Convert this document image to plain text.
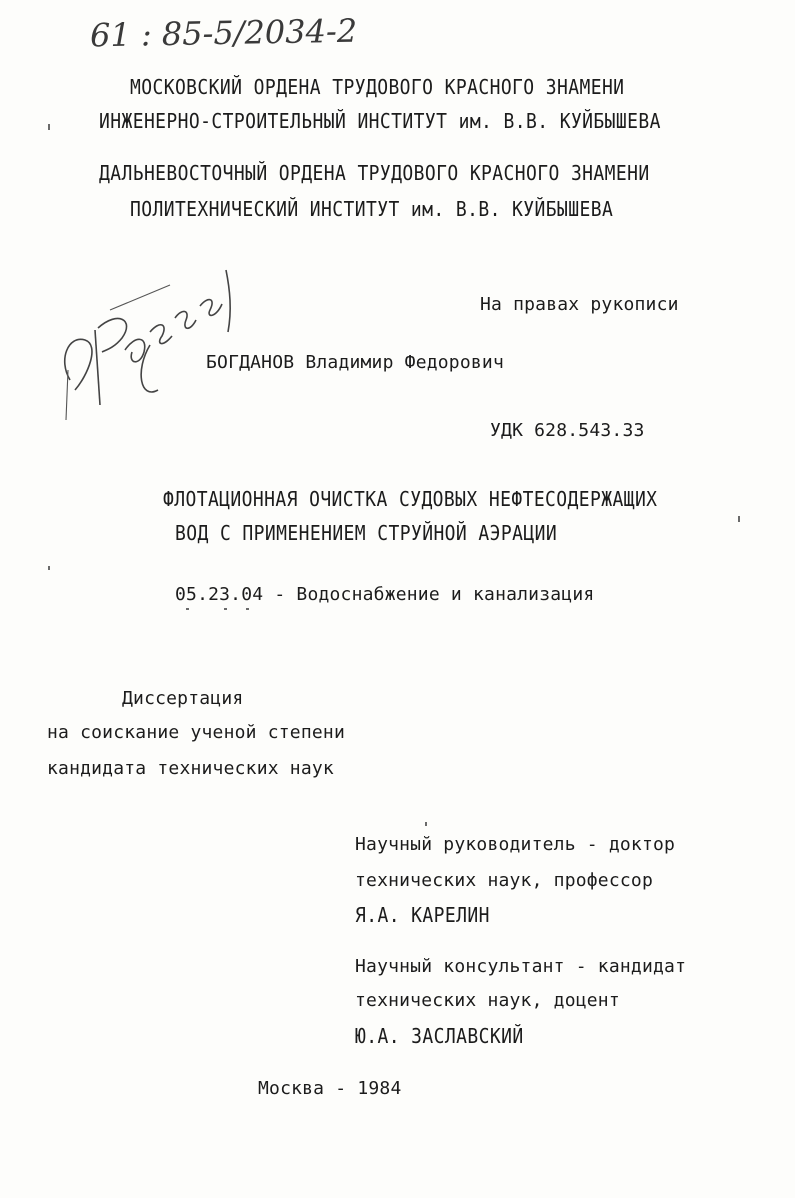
61 : 85-5/2034-2
МОСКОВСКИЙ ОРДЕНА ТРУДОВОГО КРАСНОГО ЗНАМЕНИ
ИНЖЕНЕРНО-СТРОИТЕЛЬНЫЙ ИНСТИТУТ им. В.В. КУЙБЫШЕВА
ДАЛЬНЕВОСТОЧНЫЙ ОРДЕНА ТРУДОВОГО КРАСНОГО ЗНАМЕНИ
ПОЛИТЕХНИЧЕСКИЙ ИНСТИТУТ им. В.В. КУЙБЫШЕВА
На правах рукописи
БОГДАНОВ Владимир Федорович
УДК 628.543.33
ФЛОТАЦИОННАЯ ОЧИСТКА СУДОВЫХ НЕФТЕСОДЕРЖАЩИХ
ВОД С ПРИМЕНЕНИЕМ СТРУЙНОЙ АЭРАЦИИ
05.23.04 - Водоснабжение и канализация
Диссертация
на соискание ученой степени
кандидата технических наук
Научный руководитель - доктор
технических наук, профессор
Я.А. КАРЕЛИН
Научный консультант - кандидат
технических наук, доцент
Ю.А. ЗАСЛАВСКИЙ
Москва - 1984
